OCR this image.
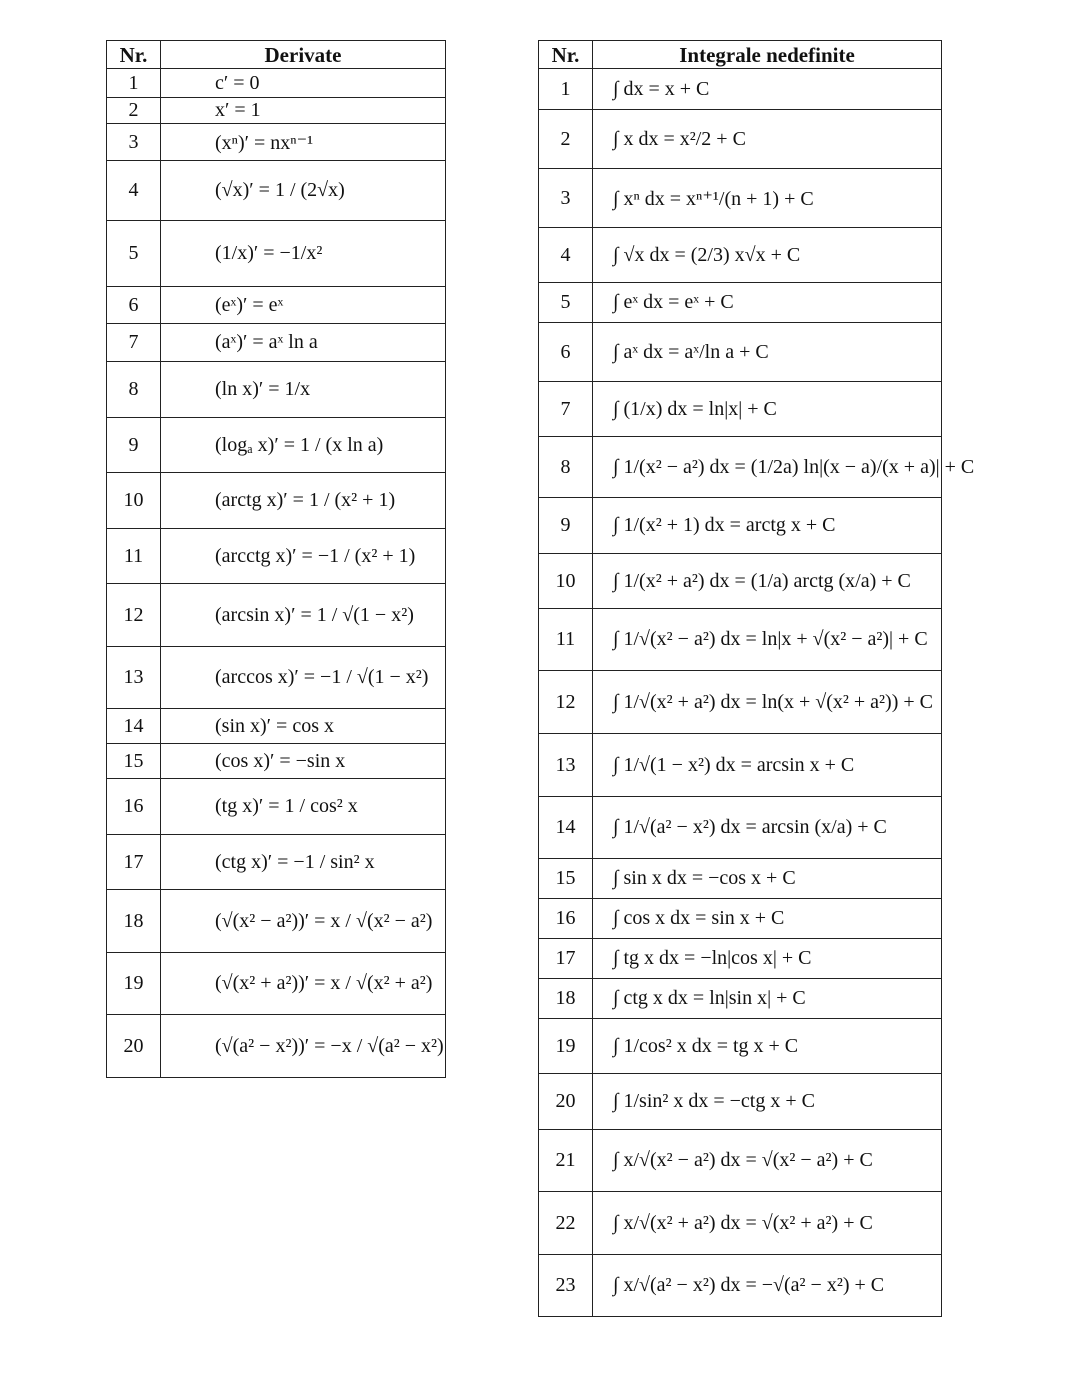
Nr.	Derivate
1	c′ = 0
2	x′ = 1
3	(xⁿ)′ = nxⁿ⁻¹
4	(√x)′ = 1 / (2√x)
5	(1/x)′ = −1/x²
6	(eˣ)′ = eˣ
7	(aˣ)′ = aˣ ln a
8	(ln x)′ = 1/x
9	(logₐ x)′ = 1 / (x ln a)
10	(arctg x)′ = 1 / (x² + 1)
11	(arcctg x)′ = −1 / (x² + 1)
12	(arcsin x)′ = 1 / √(1 − x²)
13	(arccos x)′ = −1 / √(1 − x²)
14	(sin x)′ = cos x
15	(cos x)′ = −sin x
16	(tg x)′ = 1 / cos² x
17	(ctg x)′ = −1 / sin² x
18	(√(x² − a²))′ = x / √(x² − a²)
19	(√(x² + a²))′ = x / √(x² + a²)
20	(√(a² − x²))′ = −x / √(a² − x²)
Nr.	Integrale nedefinite
1	∫ dx = x + C
2	∫ x dx = x²/2 + C
3	∫ xⁿ dx = xⁿ⁺¹/(n + 1) + C
4	∫ √x dx = (2/3) x√x + C
5	∫ eˣ dx = eˣ + C
6	∫ aˣ dx = aˣ/ln a + C
7	∫ (1/x) dx = ln|x| + C
8	∫ 1/(x² − a²) dx = (1/2a) ln|(x − a)/(x + a)| + C
9	∫ 1/(x² + 1) dx = arctg x + C
10	∫ 1/(x² + a²) dx = (1/a) arctg (x/a) + C
11	∫ 1/√(x² − a²) dx = ln|x + √(x² − a²)| + C
12	∫ 1/√(x² + a²) dx = ln(x + √(x² + a²)) + C
13	∫ 1/√(1 − x²) dx = arcsin x + C
14	∫ 1/√(a² − x²) dx = arcsin (x/a) + C
15	∫ sin x dx = −cos x + C
16	∫ cos x dx = sin x + C
17	∫ tg x dx = −ln|cos x| + C
18	∫ ctg x dx = ln|sin x| + C
19	∫ 1/cos² x dx = tg x + C
20	∫ 1/sin² x dx = −ctg x + C
21	∫ x/√(x² − a²) dx = √(x² − a²) + C
22	∫ x/√(x² + a²) dx = √(x² + a²) + C
23	∫ x/√(a² − x²) dx = −√(a² − x²) + C
